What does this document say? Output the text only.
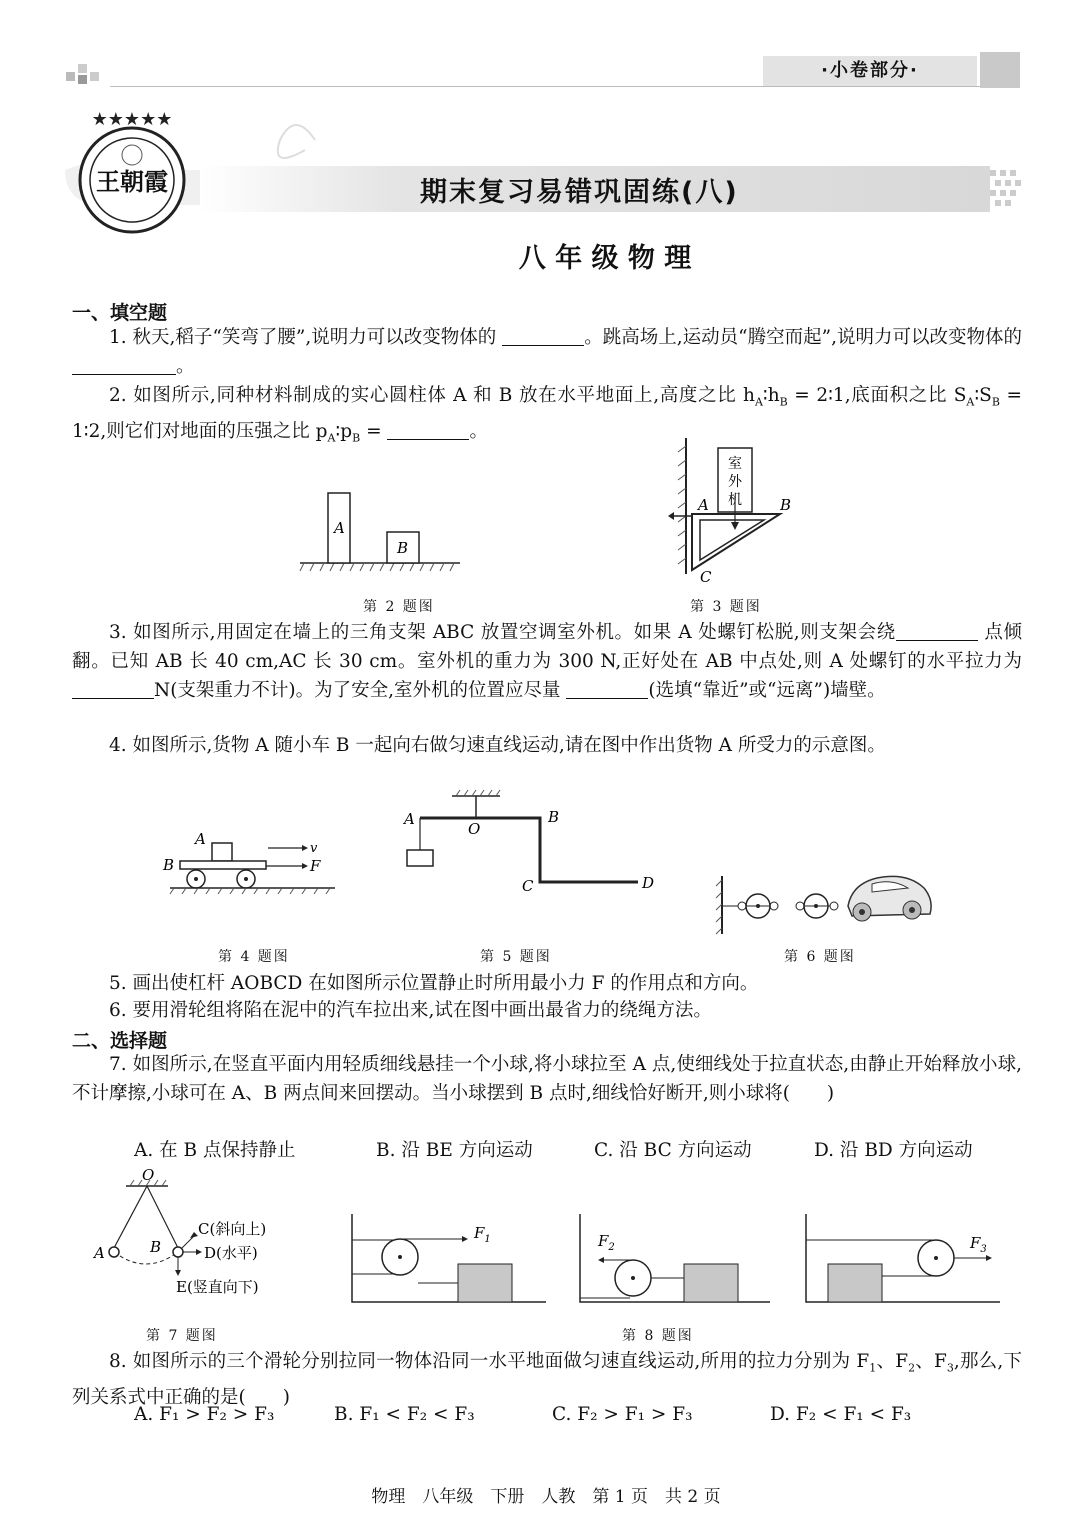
·小卷部分·
★★★★★
王朝霞	期末复习易错巩固练(八)
八 年 级 物 理
一、填空题

1. 秋天,稻子“笑弯了腰”,说明力可以改变物体的	。跳高场上,运动员“腾空而起”,说明力可以改变物体的 。

2. 如图所示,同种材料制成的实心圆柱体 A 和 B 放在水平地面上,高度之比 $h_A∶h_B$ = 2∶1,底面积之比 $S_A∶S_B$ = 1∶2,则它们对地面的压强之比 $p_A∶p_B$ =	。

A
B
第 2 题图
室
外
机
A	B
C
第 3 题图

3. 如图所示,用固定在墙上的三角支架 ABC 放置空调室外机。如果 A 处螺钉松脱,则支架会绕	点倾翻。已知 AB 长 40 cm,AC 长 30 cm。室外机的重力为 300 N,正好处在 AB 中点处,则 A 处螺钉的水平拉力为 N(支架重力不计)。为了安全,室外机的位置应尽量	(选填“靠近”或“远离”)墙壁。

4. 如图所示,货物 A 随小车 B 一起向右做匀速直线运动,请在图中作出货物 A 所受力的示意图。

A
B
v
F
第 4 题图
A
O
B
C	D
第 5 题图	第 6 题图

5. 画出使杠杆 AOBCD 在如图所示位置静止时所用最小力 F 的作用点和方向。

6. 要用滑轮组将陷在泥中的汽车拉出来,试在图中画出最省力的绕绳方法。

二、选择题

7. 如图所示,在竖直平面内用轻质细线悬挂一个小球,将小球拉至 A 点,使细线处于拉直状态,由静止开始释放小球,不计摩擦,小球可在 A、B 两点间来回摆动。当小球摆到 B 点时,细线恰好断开,则小球将(　　)

A. 在 B 点保持静止	B. 沿 BE 方向运动	C. 沿 BC 方向运动	D. 沿 BD 方向运动
O
A	B
C(斜向上)
D(水平)
E(竖直向下)
第 7 题图
$F_1$	$F_2$	$F_3$
第 8 题图

8. 如图所示的三个滑轮分别拉同一物体沿同一水平地面做匀速直线运动,所用的拉力分别为 $F_1$、$F_2$、$F_3$,那么,下列关系式中正确的是(　　)

A. F₁ > F₂ > F₃	B. F₁ < F₂ < F₃	C. F₂ > F₁ > F₃	D. F₂ < F₁ < F₃
物理　八年级　下册　人教　第 1 页　共 2 页
